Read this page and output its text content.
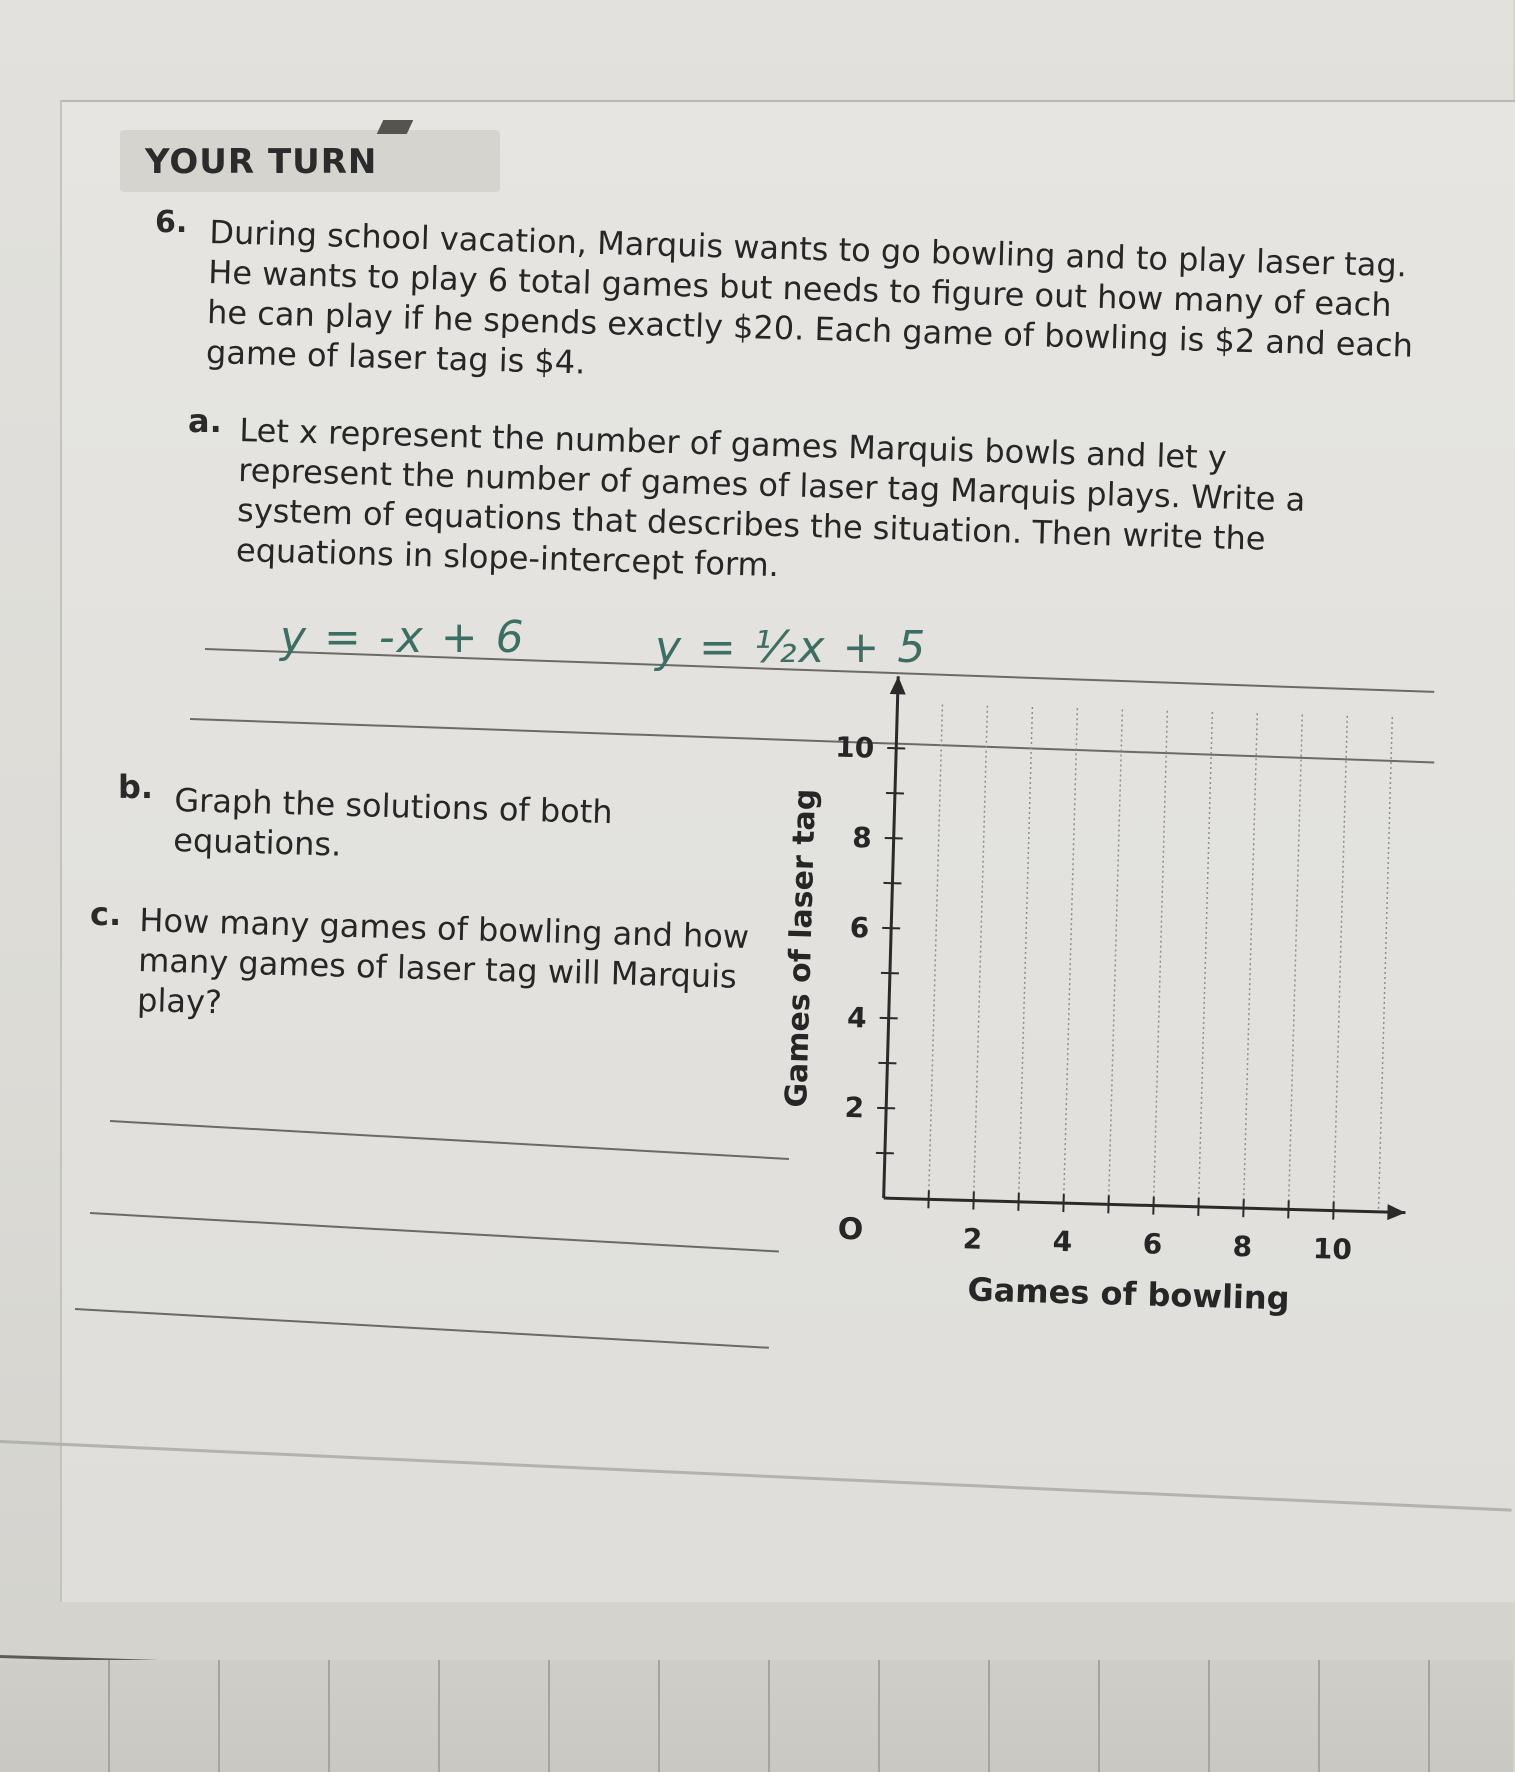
YOUR TURN
6. During school vacation, Marquis wants to go bowling and to play laser tag. He wants to play 6 total games but needs to figure out how many of each he can play if he spends exactly $20. Each game of bowling is $2 and each game of laser tag is $4.
a. Let x represent the number of games Marquis bowls and let y represent the number of games of laser tag Marquis plays. Write a system of equations that describes the situation. Then write the equations in slope-intercept form.
y = -x + 6	y = ½x + 5
b. Graph the solutions of both equations.
c. How many games of bowling and how many games of laser tag will Marquis play?
2 4 6 8 10
2
4
6
8
10
O
Games of bowling
Games of laser tag
